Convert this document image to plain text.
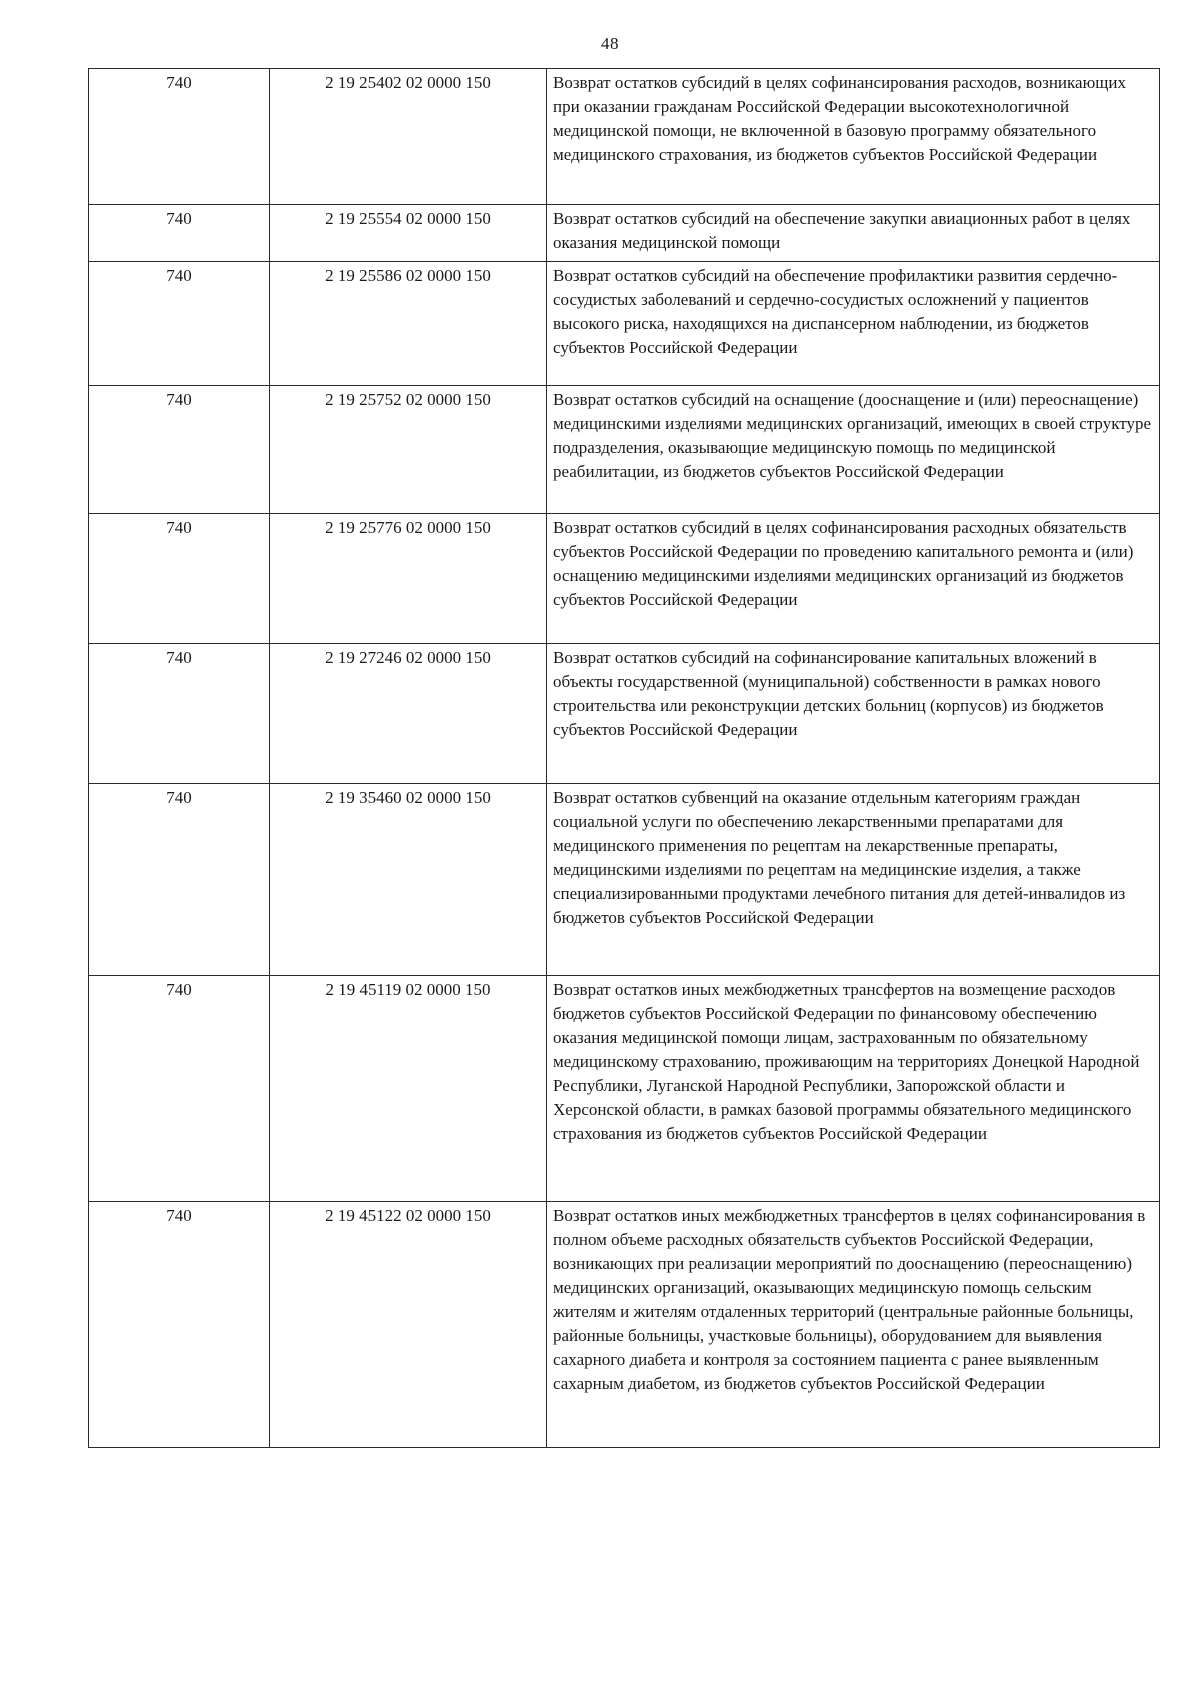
48
740	2 19 25402 02 0000 150	Возврат остатков субсидий в целях софинансирования расходов, возникающих при оказании гражданам Российской Федерации высокотехнологичной медицинской помощи, не включенной в базовую программу обязательного медицинского страхования, из бюджетов субъектов Российской Федерации
740	2 19 25554 02 0000 150	Возврат остатков субсидий на обеспечение закупки авиационных работ в целях оказания медицинской помощи
740	2 19 25586 02 0000 150	Возврат остатков субсидий на обеспечение профилактики развития сердечно-сосудистых заболеваний и сердечно-сосудистых осложнений у пациентов высокого риска, находящихся на диспансерном наблюдении, из бюджетов субъектов Российской Федерации
740	2 19 25752 02 0000 150	Возврат остатков субсидий на оснащение (дооснащение и (или) переоснащение) медицинскими изделиями медицинских организаций, имеющих в своей структуре подразделения, оказывающие медицинскую помощь по медицинской реабилитации, из бюджетов субъектов Российской Федерации
740	2 19 25776 02 0000 150	Возврат остатков субсидий в целях софинансирования расходных обязательств субъектов Российской Федерации по проведению капитального ремонта и (или) оснащению медицинскими изделиями медицинских организаций из бюджетов субъектов Российской Федерации
740	2 19 27246 02 0000 150	Возврат остатков субсидий на софинансирование капитальных вложений в объекты государственной (муниципальной) собственности в рамках нового строительства или реконструкции детских больниц (корпусов) из бюджетов субъектов Российской Федерации
740	2 19 35460 02 0000 150	Возврат остатков субвенций на оказание отдельным категориям граждан социальной услуги по обеспечению лекарственными препаратами для медицинского применения по рецептам на лекарственные препараты, медицинскими изделиями по рецептам на медицинские изделия, а также специализированными продуктами лечебного питания для детей-инвалидов из бюджетов субъектов Российской Федерации
740	2 19 45119 02 0000 150	Возврат остатков иных межбюджетных трансфертов на возмещение расходов бюджетов субъектов Российской Федерации по финансовому обеспечению оказания медицинской помощи лицам, застрахованным по обязательному медицинскому страхованию, проживающим на территориях Донецкой Народной Республики, Луганской Народной Республики, Запорожской области и Херсонской области, в рамках базовой программы обязательного медицинского страхования из бюджетов субъектов Российской Федерации
740	2 19 45122 02 0000 150	Возврат остатков иных межбюджетных трансфертов в целях софинансирования в полном объеме расходных обязательств субъектов Российской Федерации, возникающих при реализации мероприятий по дооснащению (переоснащению) медицинских организаций, оказывающих медицинскую помощь сельским жителям и жителям отдаленных территорий (центральные районные больницы, районные больницы, участковые больницы), оборудованием для выявления сахарного диабета и контроля за состоянием пациента с ранее выявленным сахарным диабетом, из бюджетов субъектов Российской Федерации
